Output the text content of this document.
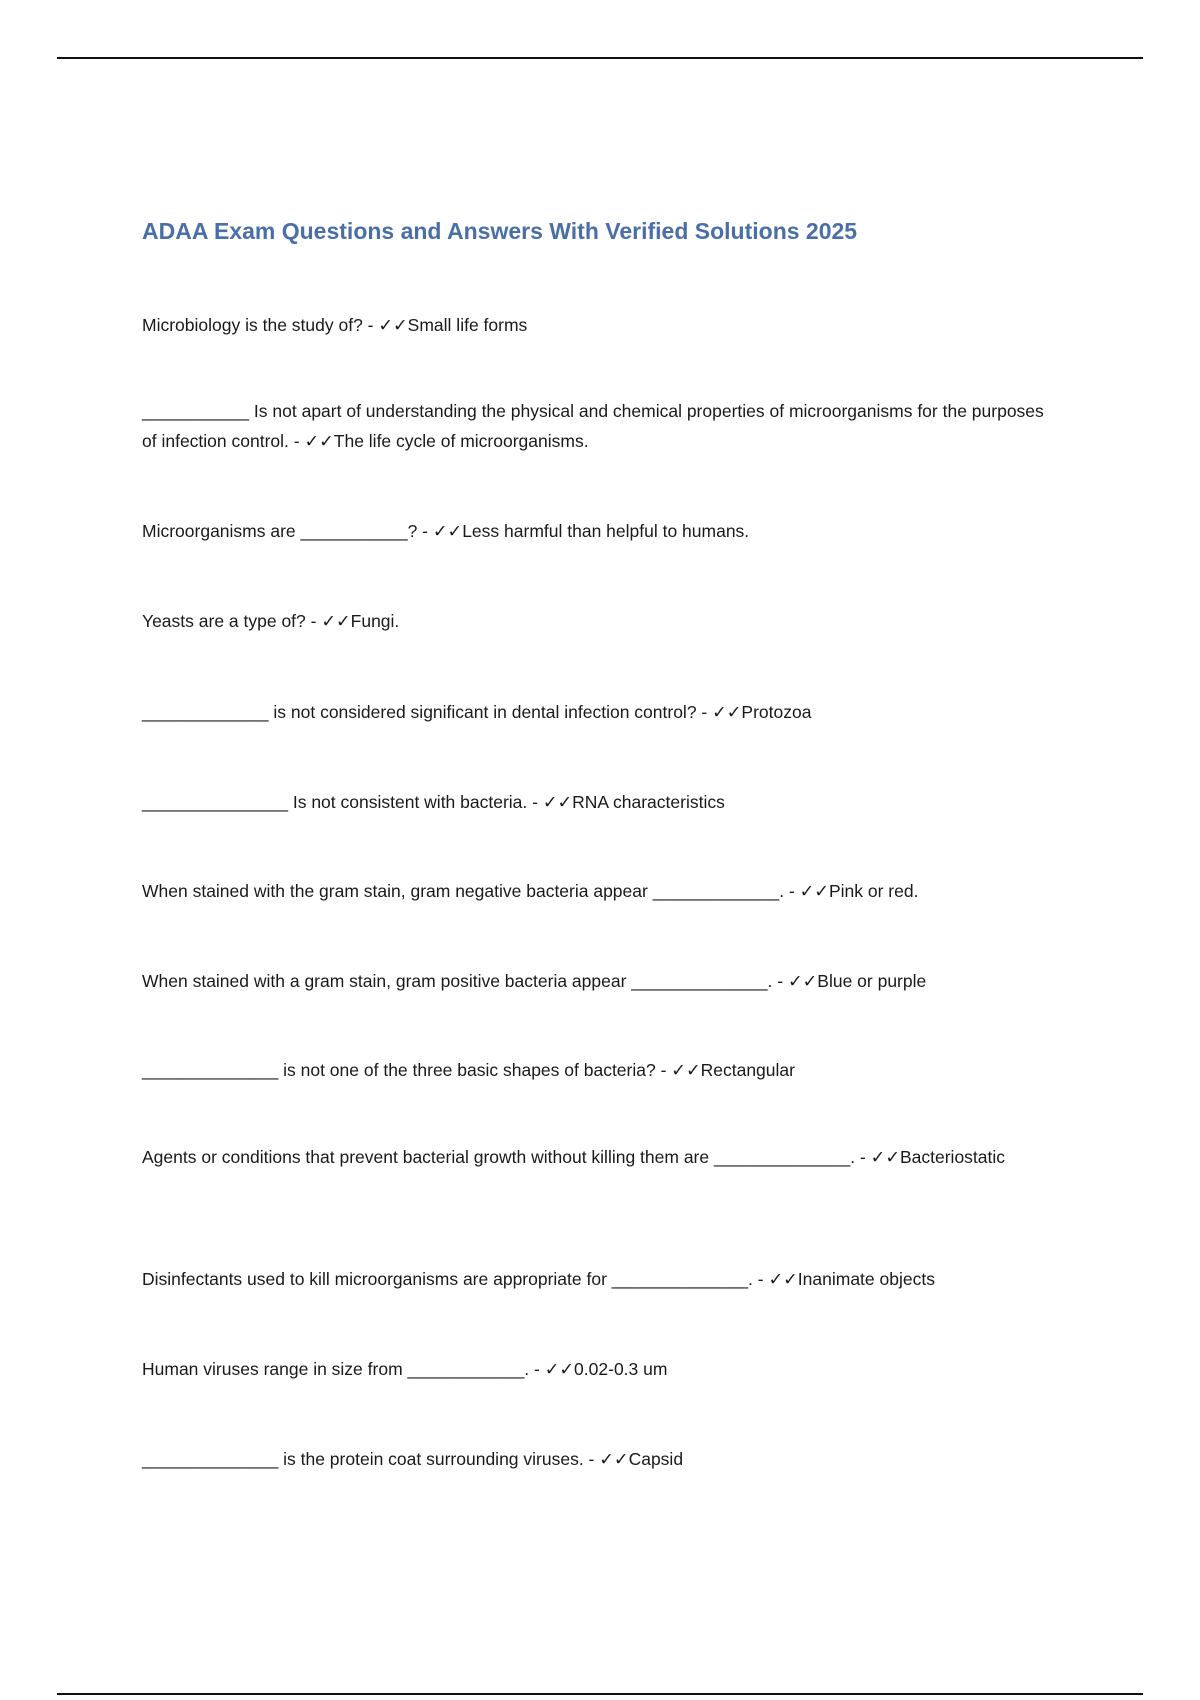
ADAA Exam Questions and Answers With Verified Solutions 2025

Microbiology is the study of? - ✓✓Small life forms

___________ Is not apart of understanding the physical and chemical properties of microorganisms for the purposes of infection control. - ✓✓The life cycle of microorganisms.

Microorganisms are ___________? - ✓✓Less harmful than helpful to humans.

Yeasts are a type of? - ✓✓Fungi.

_____________ is not considered significant in dental infection control? - ✓✓Protozoa

_______________ Is not consistent with bacteria. - ✓✓RNA characteristics

When stained with the gram stain, gram negative bacteria appear _____________. - ✓✓Pink or red.

When stained with a gram stain, gram positive bacteria appear ______________. - ✓✓Blue or purple

______________ is not one of the three basic shapes of bacteria? - ✓✓Rectangular

Agents or conditions that prevent bacterial growth without killing them are ______________. - ✓✓Bacteriostatic

Disinfectants used to kill microorganisms are appropriate for ______________. - ✓✓Inanimate objects

Human viruses range in size from ____________. - ✓✓0.02-0.3 um

______________ is the protein coat surrounding viruses. - ✓✓Capsid
